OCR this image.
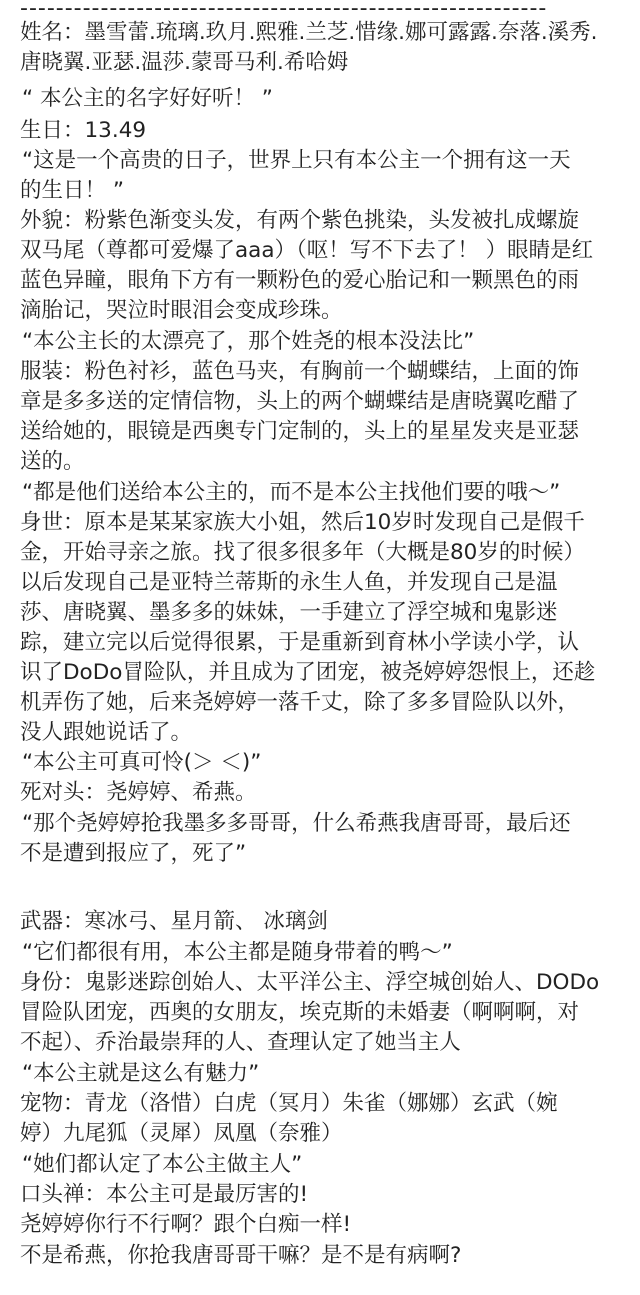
-----------------------------------------------------------
姓名：墨雪蕾.琉璃.玖月.熙雅.兰芝.惜缘.娜可露露.奈落.溪秀.
唐晓翼.亚瑟.温莎.蒙哥马利.希哈姆
“ 本公主的名字好好听！ ”
生日：13.49
“这是一个高贵的日子，世界上只有本公主一个拥有这一天
的生日！ ”
外貌：粉紫色渐变头发，有两个紫色挑染，头发被扎成螺旋
双马尾（尊都可爱爆了aaa）（呕！写不下去了！ ）眼睛是红
蓝色异瞳，眼角下方有一颗粉色的爱心胎记和一颗黑色的雨
滴胎记，哭泣时眼泪会变成珍珠。
“本公主长的太漂亮了，那个姓尧的根本没法比”
服装：粉色衬衫，蓝色马夹，有胸前一个蝴蝶结，上面的饰
章是多多送的定情信物，头上的两个蝴蝶结是唐晓翼吃醋了
送给她的，眼镜是西奥专门定制的，头上的星星发夹是亚瑟
送的。
“都是他们送给本公主的，而不是本公主找他们要的哦～”
身世：原本是某某家族大小姐，然后10岁时发现自己是假千
金，开始寻亲之旅。找了很多很多年（大概是80岁的时候）
以后发现自己是亚特兰蒂斯的永生人鱼，并发现自己是温
莎、唐晓翼、墨多多的妹妹，一手建立了浮空城和鬼影迷
踪，建立完以后觉得很累，于是重新到育林小学读小学，认
识了DoDo冒险队，并且成为了团宠，被尧婷婷怨恨上，还趁
机弄伤了她，后来尧婷婷一落千丈，除了多多冒险队以外，
没人跟她说话了。
“本公主可真可怜(＞ ＜)”
死对头：尧婷婷、希燕。
“那个尧婷婷抢我墨多多哥哥，什么希燕我唐哥哥，最后还
不是遭到报应了，死了”
武器：寒冰弓、星月箭、 冰璃剑
“它们都很有用，本公主都是随身带着的鸭～”
身份：鬼影迷踪创始人、太平洋公主、浮空城创始人、DODo
冒险队团宠，西奥的女朋友，埃克斯的未婚妻（啊啊啊，对
不起）、乔治最崇拜的人、查理认定了她当主人
“本公主就是这么有魅力”
宠物：青龙（洛惜）白虎（冥月）朱雀（娜娜）玄武（婉
婷）九尾狐（灵犀）凤凰（奈雅）
“她们都认定了本公主做主人”
口头禅：本公主可是最厉害的!
尧婷婷你行不行啊？跟个白痴一样!
不是希燕，你抢我唐哥哥干嘛？是不是有病啊?
